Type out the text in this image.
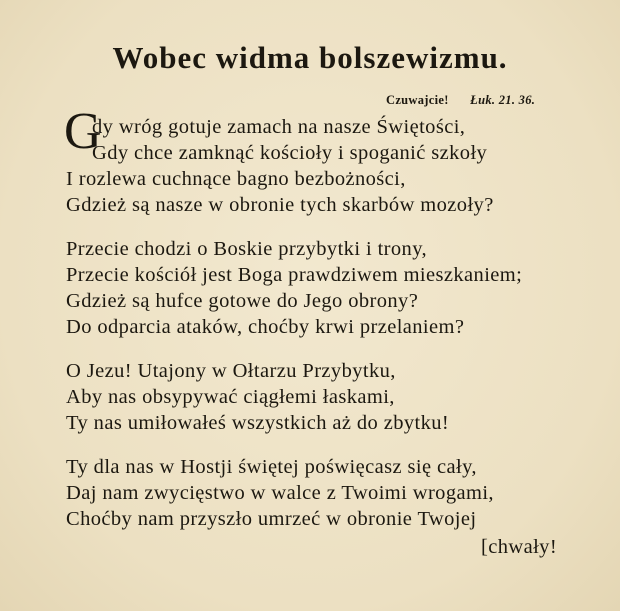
Wobec widma bolszewizmu.
Czuwajcie! Łuk. 21. 36.
G
dy wróg gotuje zamach na nasze Świętości,
Gdy chce zamknąć kościoły i spoganić szkoły
I rozlewa cuchnące bagno bezbożności,
Gdzież są nasze w obronie tych skarbów mozoły?
Przecie chodzi o Boskie przybytki i trony,
Przecie kościół jest Boga prawdziwem mieszkaniem;
Gdzież są hufce gotowe do Jego obrony?
Do odparcia ataków, choćby krwi przelaniem?
O Jezu! Utajony w Ołtarzu Przybytku,
Aby nas obsypywać ciągłemi łaskami,
Ty nas umiłowałeś wszystkich aż do zbytku!
Ty dla nas w Hostji świętej poświęcasz się cały,
Daj nam zwycięstwo w walce z Twoimi wrogami,
Choćby nam przyszło umrzeć w obronie Twojej
[chwały!
